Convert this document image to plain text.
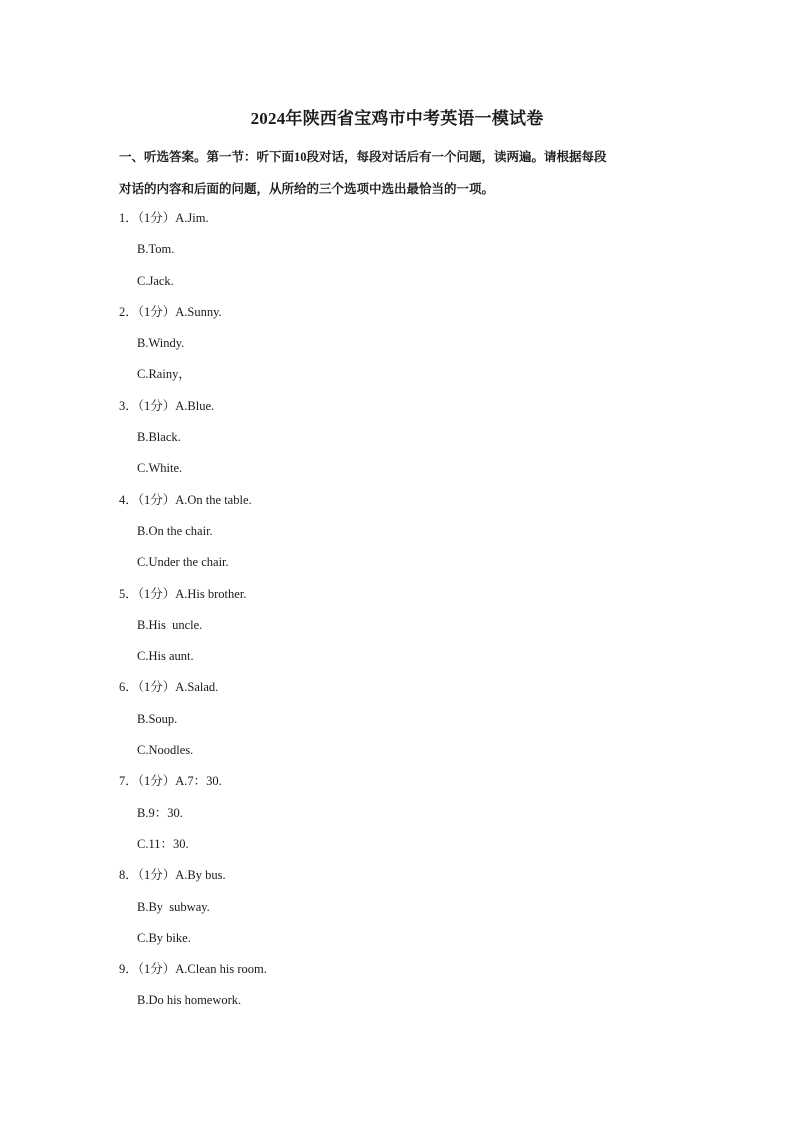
2024年陕西省宝鸡市中考英语一模试卷

一、听选答案。第一节：听下面10段对话，每段对话后有一个问题，读两遍。请根据每段

对话的内容和后面的问题，从所给的三个选项中选出最恰当的一项。

1．（1分）A.Jim.
B.Tom.
C.Jack.
2．（1分）A.Sunny.
B.Windy.
C.Rainy，
3．（1分）A.Blue.
B.Black.
C.White.
4．（1分）A.On the table.
B.On the chair.
C.Under the chair.
5．（1分）A.His brother.
B.His  uncle.
C.His aunt.
6．（1分）A.Salad.
B.Soup.
C.Noodles.
7．（1分）A.7：30.
B.9：30.
C.11：30.
8．（1分）A.By bus.
B.By  subway.
C.By bike.
9．（1分）A.Clean his room.
B.Do his homework.
